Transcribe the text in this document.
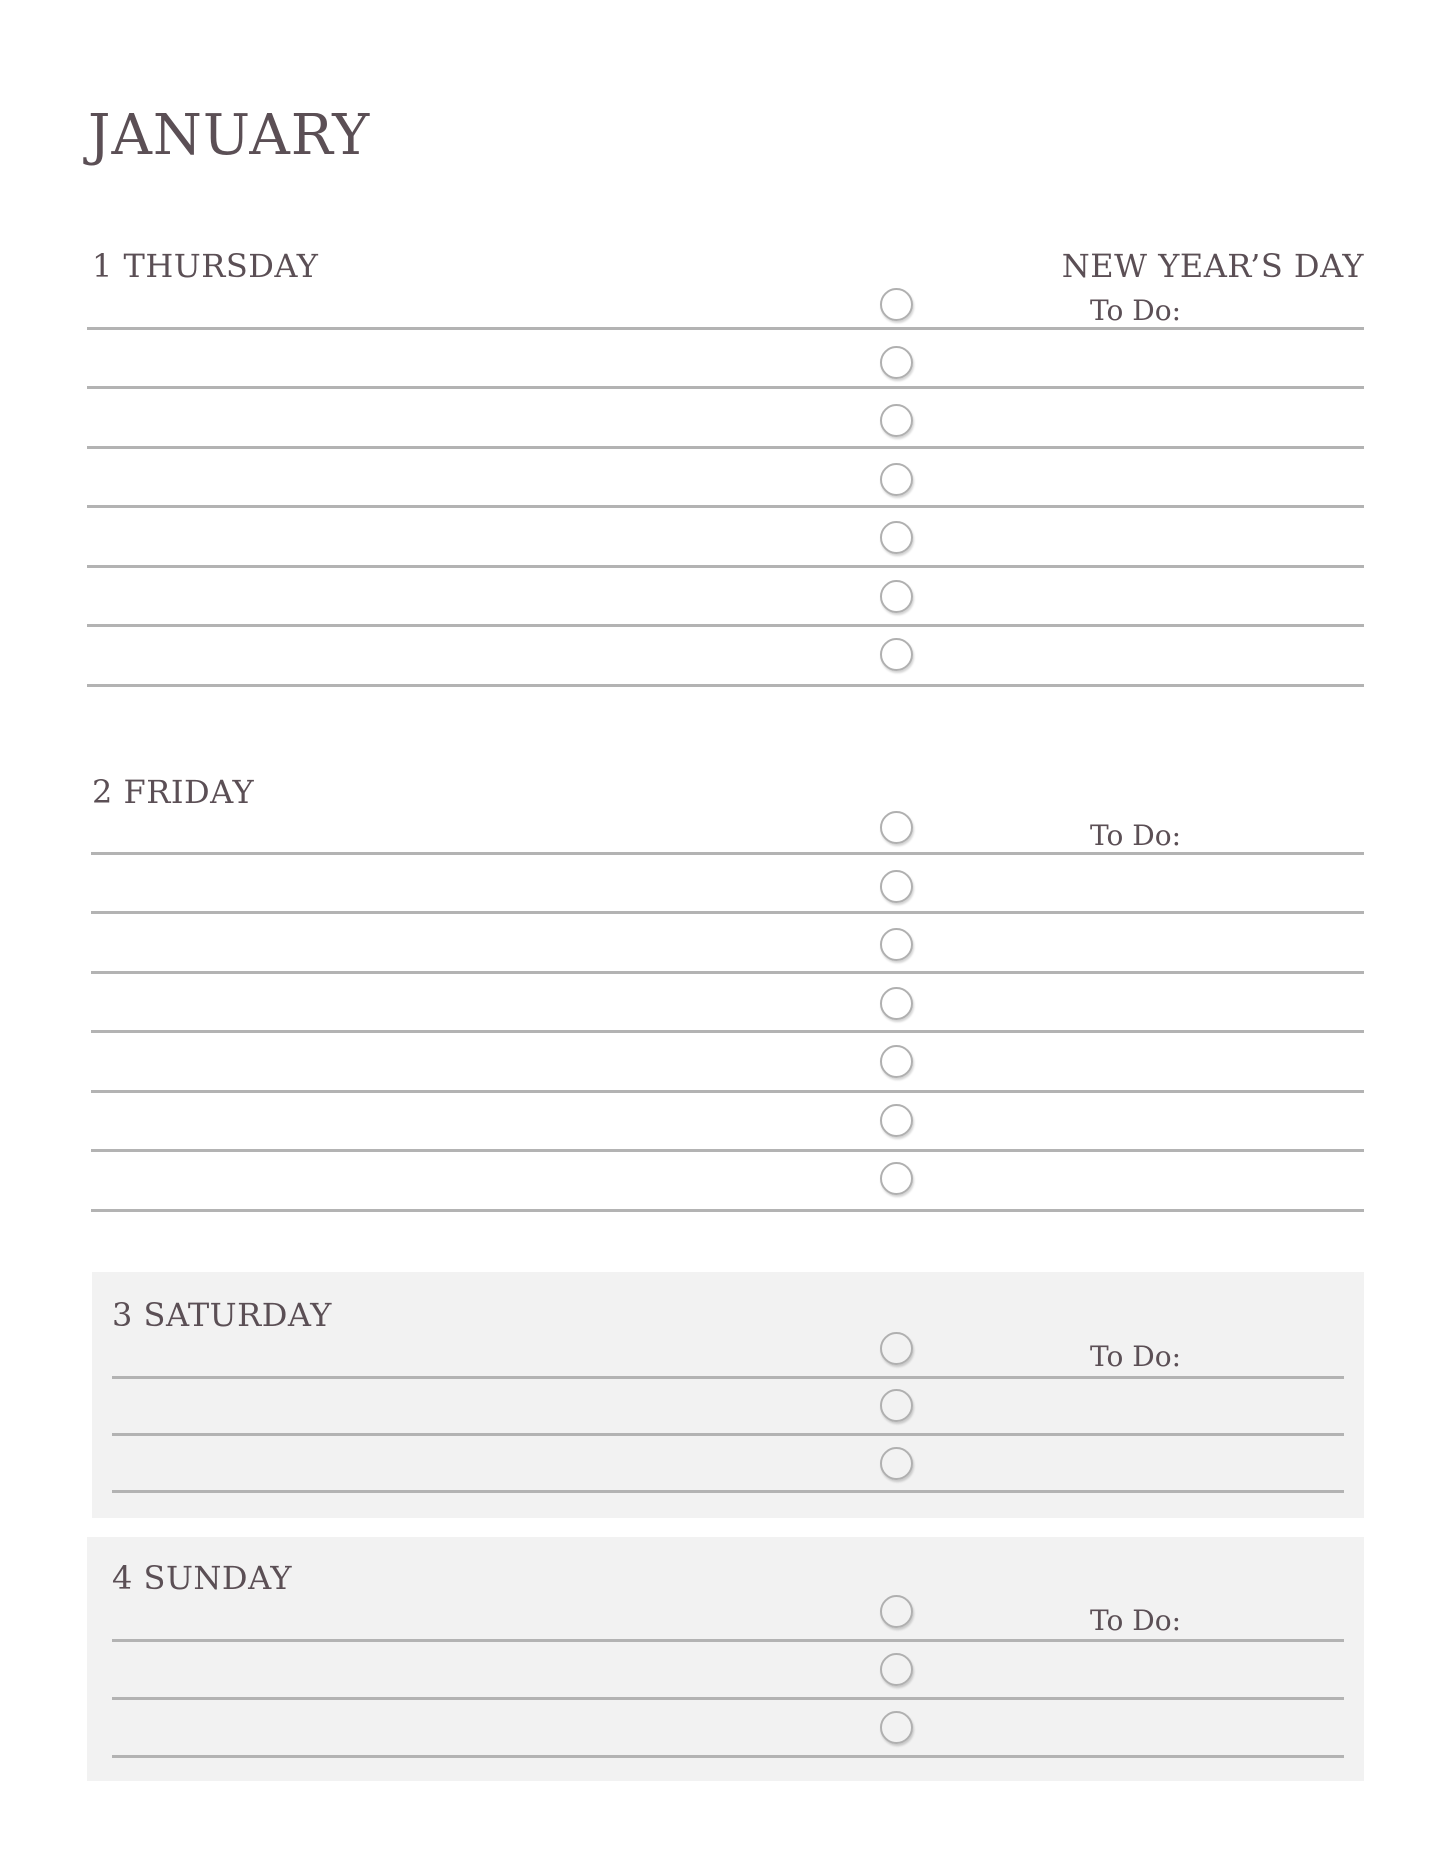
JANUARY
1 THURSDAY	NEW YEAR’S DAY
To Do:
2 FRIDAY
To Do:
3 SATURDAY
To Do:
4 SUNDAY
To Do:
